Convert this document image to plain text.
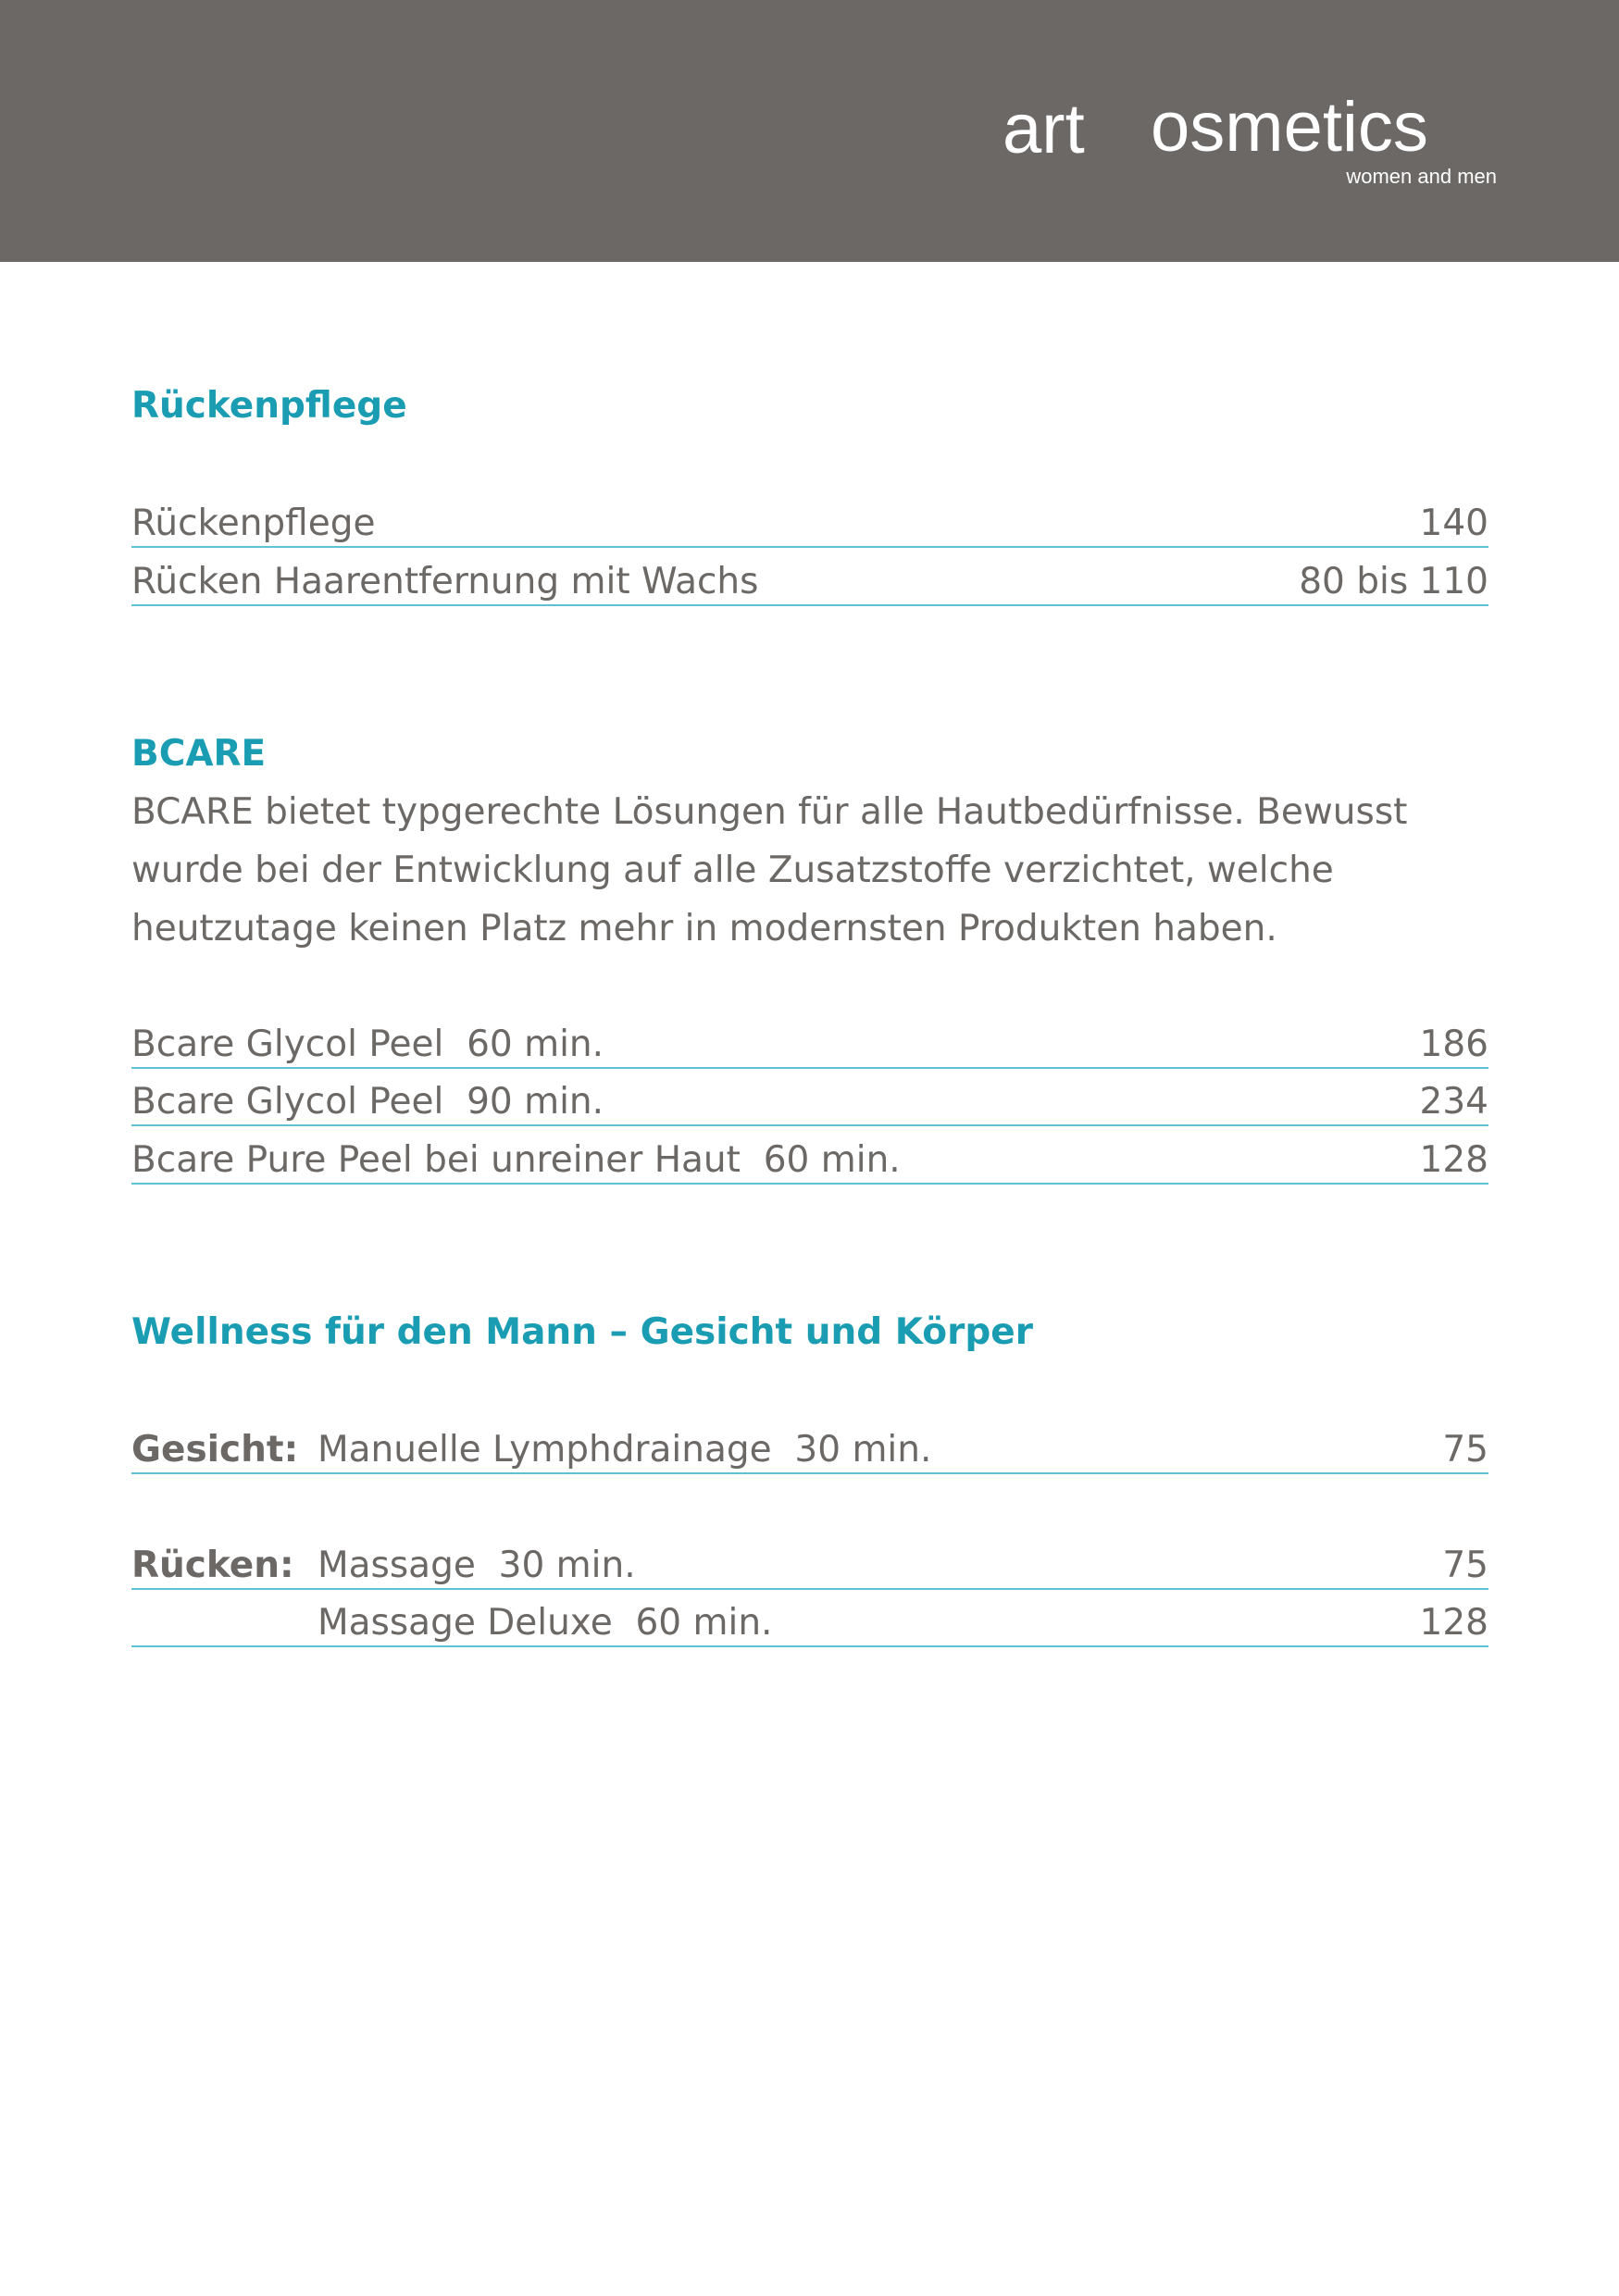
art osmetics
women and men
Rückenpflege
Rückenpflege	140
Rücken Haarentfernung mit Wachs	80 bis 110
BCARE

BCARE bietet typgerechte Lösungen für alle Hautbedürfnisse. Bewusst
wurde bei der Entwicklung auf alle Zusatzstoffe verzichtet, welche
heutzutage keinen Platz mehr in modernsten Produkten haben.

Bcare Glycol Peel  60 min.	186
Bcare Glycol Peel  90 min.	234
Bcare Pure Peel bei unreiner Haut  60 min.	128
Wellness für den Mann – Gesicht und Körper
Gesicht: Manuelle Lymphdrainage  30 min.	75
Rücken: Massage  30 min.	75
Massage Deluxe  60 min.	128
